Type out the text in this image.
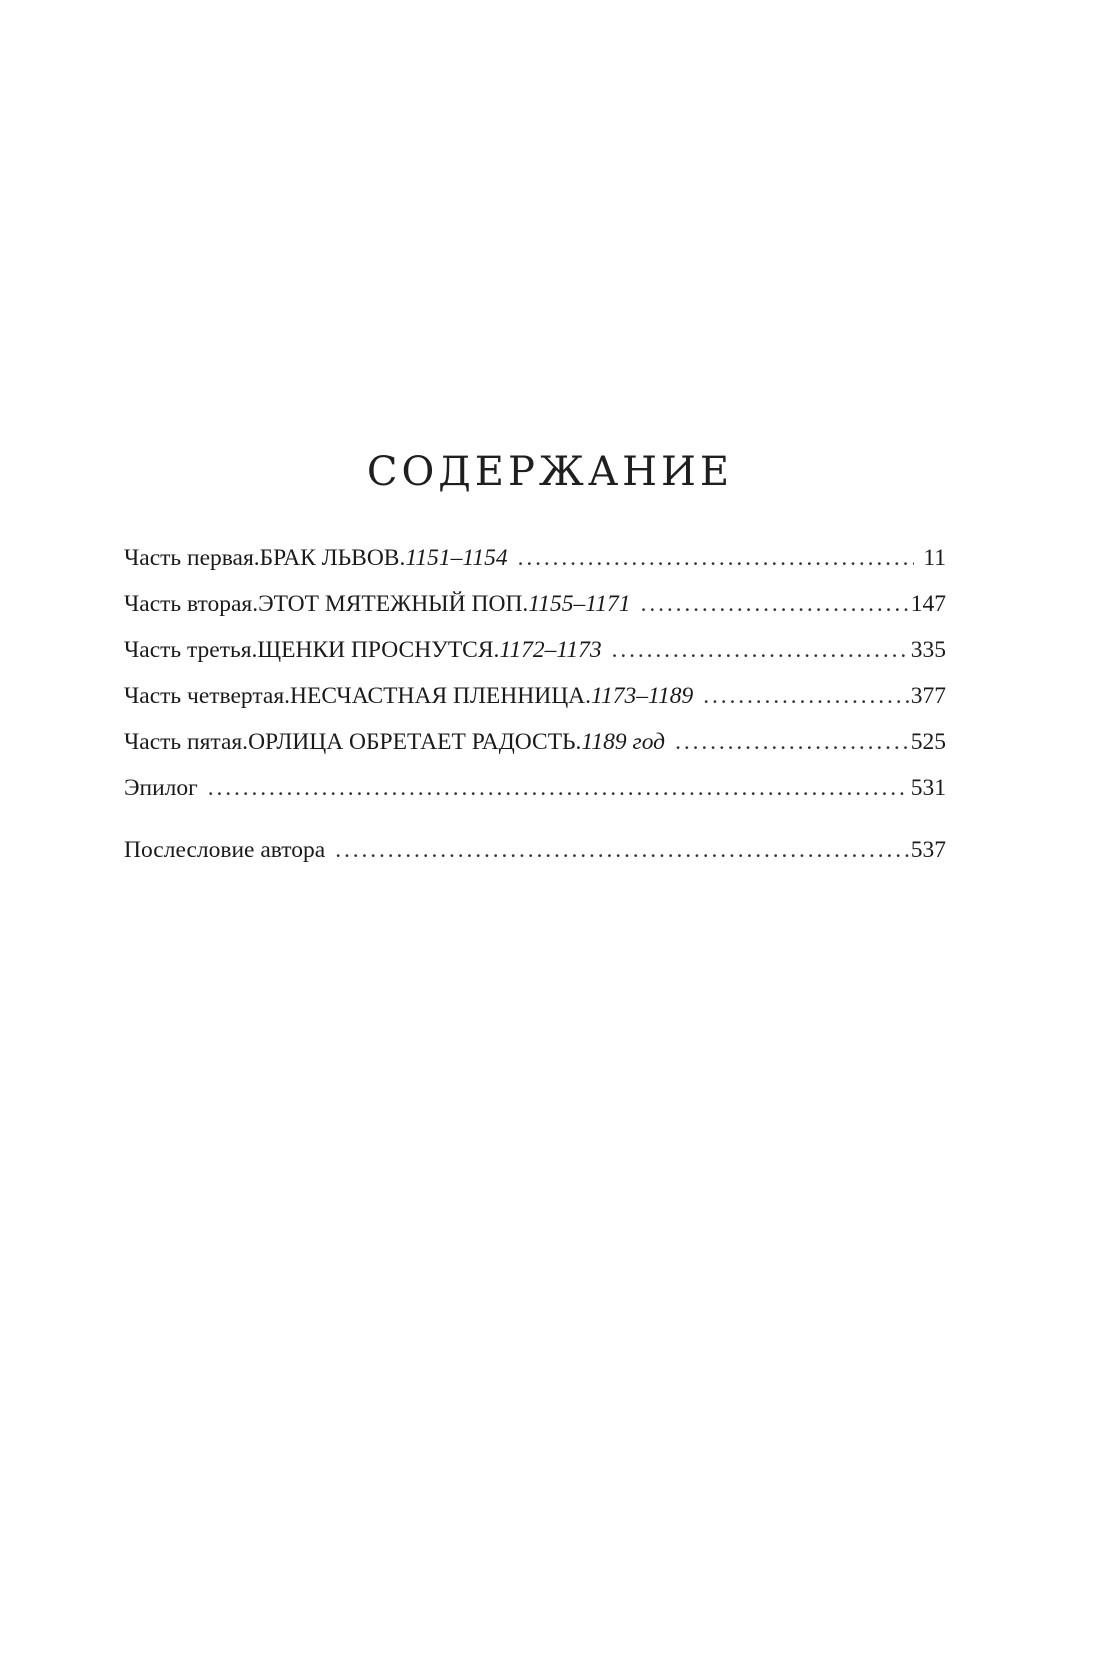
СОДЕРЖАНИЕ
Часть первая. БРАК ЛЬВОВ. 1151–1154 . . .	11
Часть вторая. ЭТОТ МЯТЕЖНЫЙ ПОП. 1155–1171 . . .	147
Часть третья. ЩЕНКИ ПРОСНУТСЯ. 1172–1173 . . .	335
Часть четвертая. НЕСЧАСТНАЯ ПЛЕННИЦА. 1173–1189 . . .	377
Часть пятая. ОРЛИЦА ОБРЕТАЕТ РАДОСТЬ. 1189 год . . .	525
Эпилог . . .	531
Послесловие автора . . .	537
